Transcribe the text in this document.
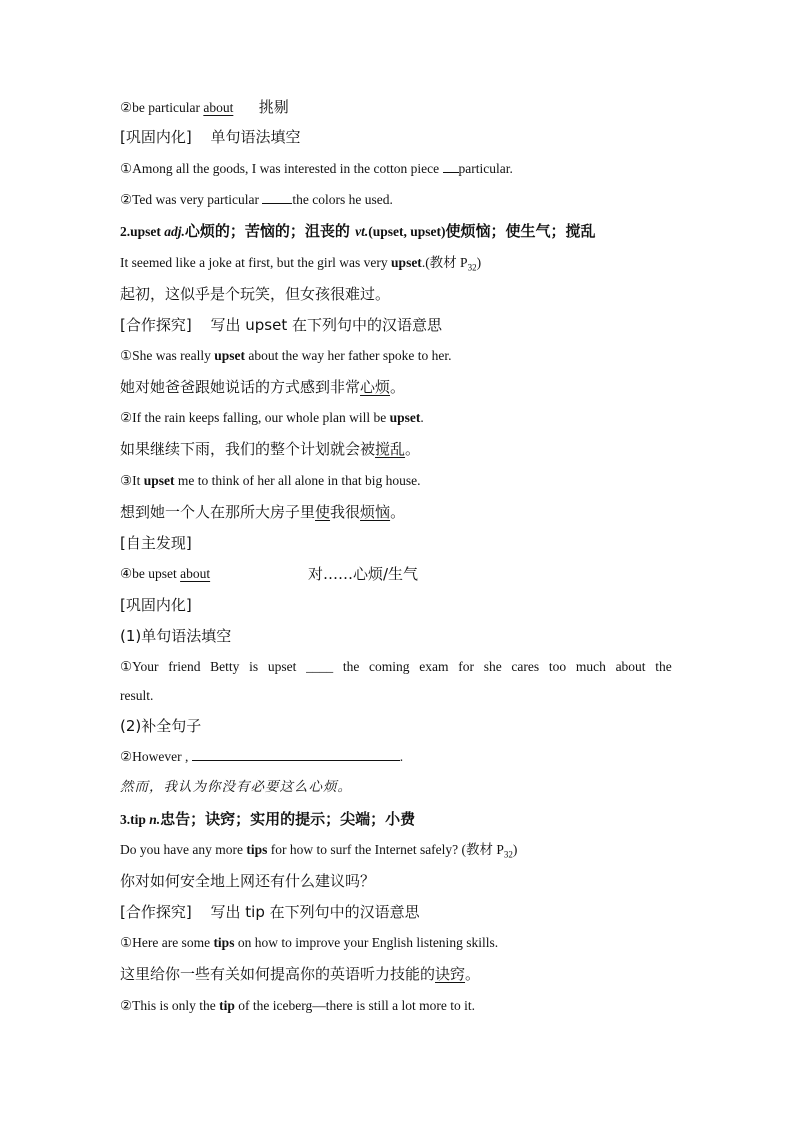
②be particular about 挑剔
[巩固内化] 单句语法填空
①Among all the goods, I was interested in the cotton piece particular.
②Ted was very particular the colors he used.
2.upset adj.心烦的；苦恼的；沮丧的 vt.(upset, upset)使烦恼；使生气；搅乱
It seemed like a joke at first, but the girl was very upset.(教材 $P_{32}$)
起初，这似乎是个玩笑，但女孩很难过。
[合作探究] 写出 upset 在下列句中的汉语意思
①She was really upset about the way her father spoke to her.
她对她爸爸跟她说话的方式感到非常心烦。
②If the rain keeps falling, our whole plan will be upset.
如果继续下雨，我们的整个计划就会被搅乱。
③It upset me to think of her all alone in that big house.
想到她一个人在那所大房子里使我很烦恼。
[自主发现]
④be upset about	对……心烦/生气
[巩固内化]
(1)单句语法填空
①Your friend Betty is upset ____ the coming exam for she cares too much about the
result.
(2)补全句子
②However ,	.
然而，我认为你没有必要这么心烦。
3.tip n.忠告；诀窍；实用的提示；尖端；小费
Do you have any more tips for how to surf the Internet safely? (教材 $P_{32}$)
你对如何安全地上网还有什么建议吗？
[合作探究] 写出 tip 在下列句中的汉语意思
①Here are some tips on how to improve your English listening skills.
这里给你一些有关如何提高你的英语听力技能的诀窍。
②This is only the tip of the iceberg—there is still a lot more to it.
